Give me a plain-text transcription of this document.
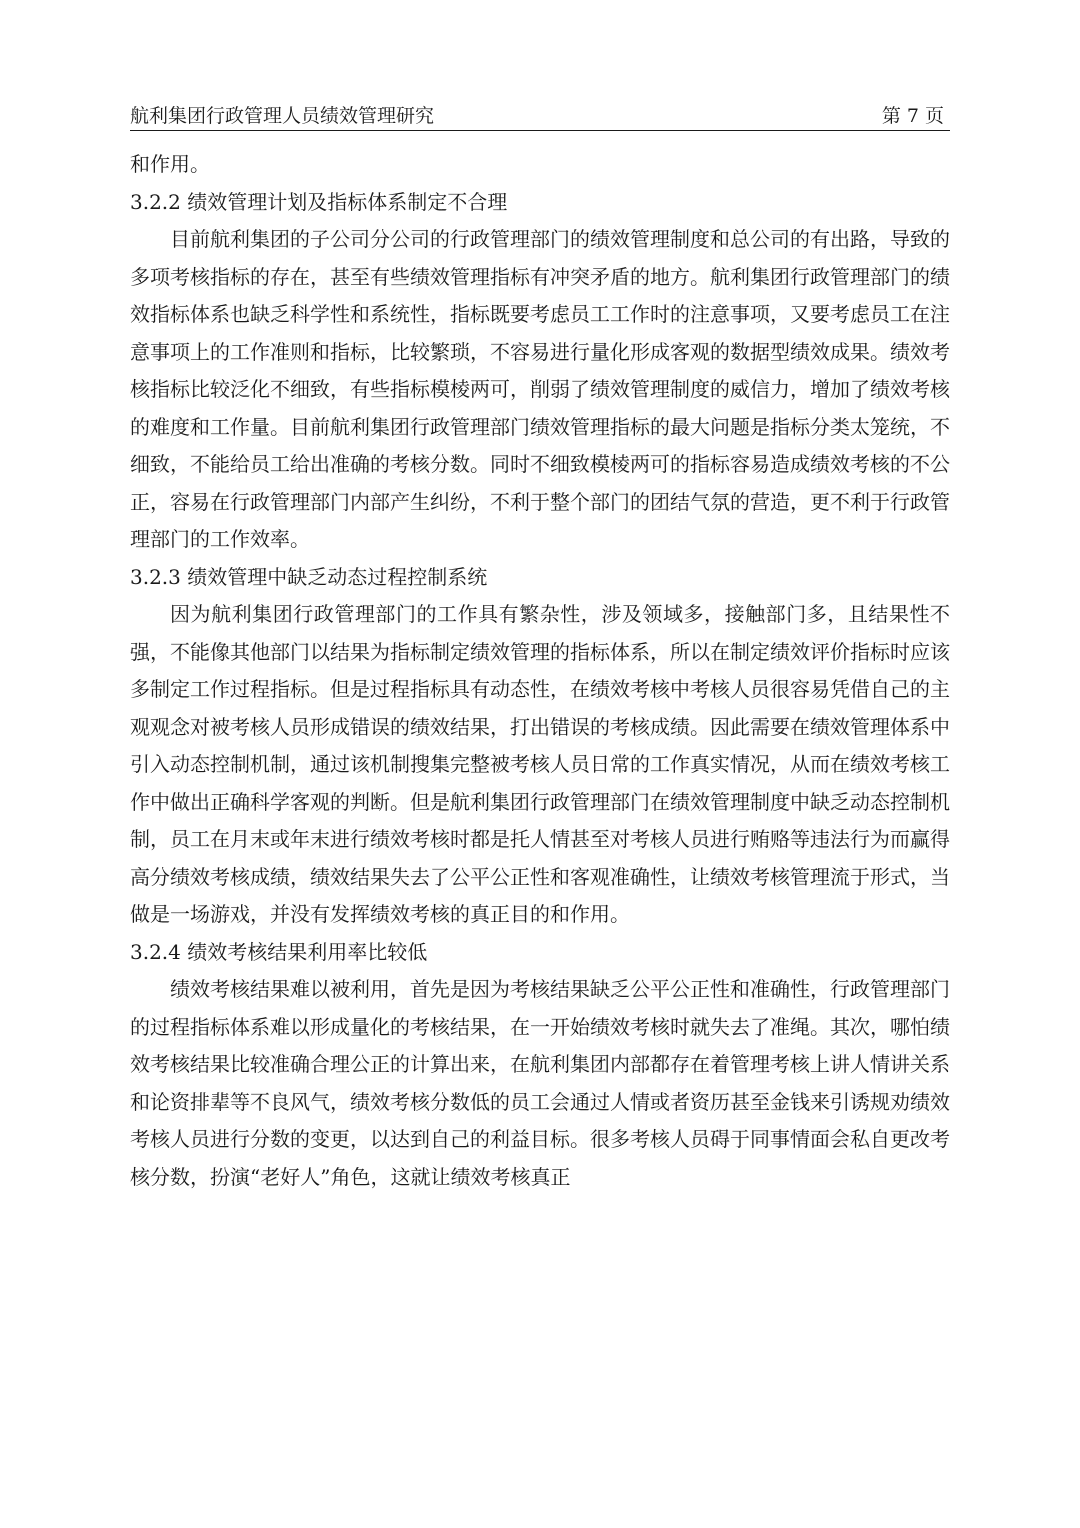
航利集团行政管理人员绩效管理研究	第 7 页

和作用。

3.2.2 绩效管理计划及指标体系制定不合理

目前航利集团的子公司分公司的行政管理部门的绩效管理制度和总公司的有出路，导致的多项考核指标的存在，甚至有些绩效管理指标有冲突矛盾的地方。航利集团行政管理部门的绩效指标体系也缺乏科学性和系统性，指标既要考虑员工工作时的注意事项，又要考虑员工在注意事项上的工作准则和指标，比较繁琐，不容易进行量化形成客观的数据型绩效成果。绩效考核指标比较泛化不细致，有些指标模棱两可，削弱了绩效管理制度的威信力，增加了绩效考核的难度和工作量。目前航利集团行政管理部门绩效管理指标的最大问题是指标分类太笼统，不细致，不能给员工给出准确的考核分数。同时不细致模棱两可的指标容易造成绩效考核的不公正，容易在行政管理部门内部产生纠纷，不利于整个部门的团结气氛的营造，更不利于行政管理部门的工作效率。

3.2.3 绩效管理中缺乏动态过程控制系统

因为航利集团行政管理部门的工作具有繁杂性，涉及领域多，接触部门多，且结果性不强，不能像其他部门以结果为指标制定绩效管理的指标体系，所以在制定绩效评价指标时应该多制定工作过程指标。但是过程指标具有动态性，在绩效考核中考核人员很容易凭借自己的主观观念对被考核人员形成错误的绩效结果，打出错误的考核成绩。因此需要在绩效管理体系中引入动态控制机制，通过该机制搜集完整被考核人员日常的工作真实情况，从而在绩效考核工作中做出正确科学客观的判断。但是航利集团行政管理部门在绩效管理制度中缺乏动态控制机制，员工在月末或年末进行绩效考核时都是托人情甚至对考核人员进行贿赂等违法行为而赢得高分绩效考核成绩，绩效结果失去了公平公正性和客观准确性，让绩效考核管理流于形式，当做是一场游戏，并没有发挥绩效考核的真正目的和作用。

3.2.4 绩效考核结果利用率比较低

绩效考核结果难以被利用，首先是因为考核结果缺乏公平公正性和准确性，行政管理部门的过程指标体系难以形成量化的考核结果，在一开始绩效考核时就失去了准绳。其次，哪怕绩效考核结果比较准确合理公正的计算出来，在航利集团内部都存在着管理考核上讲人情讲关系和论资排辈等不良风气，绩效考核分数低的员工会通过人情或者资历甚至金钱来引诱规劝绩效考核人员进行分数的变更，以达到自己的利益目标。很多考核人员碍于同事情面会私自更改考核分数，扮演“老好人”角色，这就让绩效考核真正
